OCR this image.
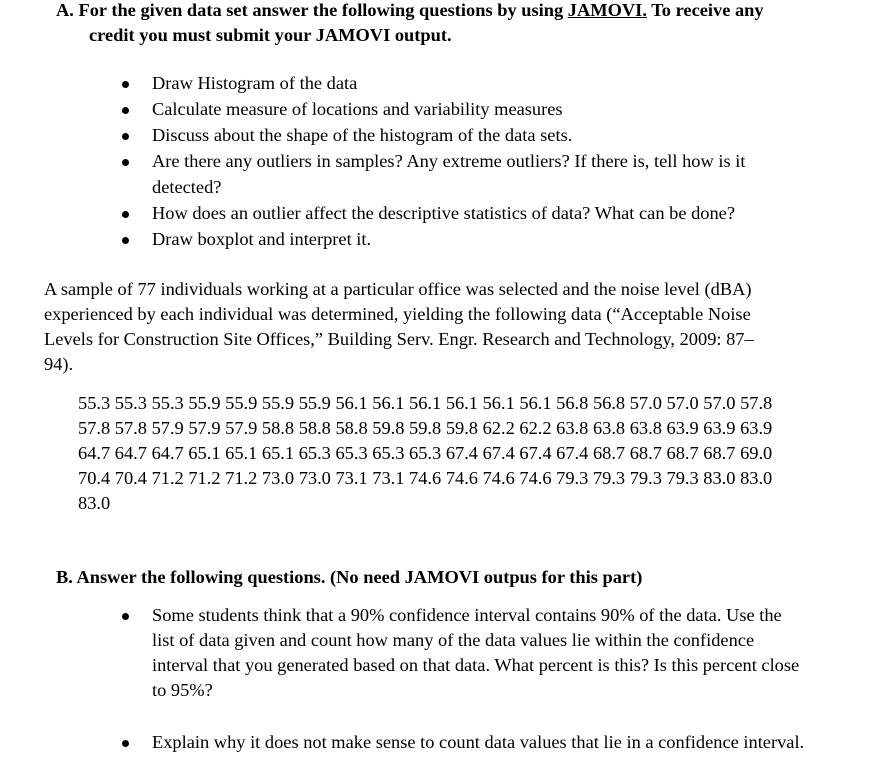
A. For the given data set answer the following questions by using JAMOVI. To receive any
credit you must submit your JAMOVI output.
Draw Histogram of the data
Calculate measure of locations and variability measures
Discuss about the shape of the histogram of the data sets.
Are there any outliers in samples? Any extreme outliers? If there is, tell how is it
detected?
How does an outlier affect the descriptive statistics of data? What can be done?
Draw boxplot and interpret it.
A sample of 77 individuals working at a particular office was selected and the noise level (dBA)
experienced by each individual was determined, yielding the following data (“Acceptable Noise
Levels for Construction Site Offices,” Building Serv. Engr. Research and Technology, 2009: 87–
94).
55.3 55.3 55.3 55.9 55.9 55.9 55.9 56.1 56.1 56.1 56.1 56.1 56.1 56.8 56.8 57.0 57.0 57.0 57.8
57.8 57.8 57.9 57.9 57.9 58.8 58.8 58.8 59.8 59.8 59.8 62.2 62.2 63.8 63.8 63.8 63.9 63.9 63.9
64.7 64.7 64.7 65.1 65.1 65.1 65.3 65.3 65.3 65.3 67.4 67.4 67.4 67.4 68.7 68.7 68.7 68.7 69.0
70.4 70.4 71.2 71.2 71.2 73.0 73.0 73.1 73.1 74.6 74.6 74.6 74.6 79.3 79.3 79.3 79.3 83.0 83.0
83.0
B. Answer the following questions. (No need JAMOVI outpus for this part)
Some students think that a 90% confidence interval contains 90% of the data. Use the
list of data given and count how many of the data values lie within the confidence
interval that you generated based on that data. What percent is this? Is this percent close
to 95%?
Explain why it does not make sense to count data values that lie in a confidence interval.
